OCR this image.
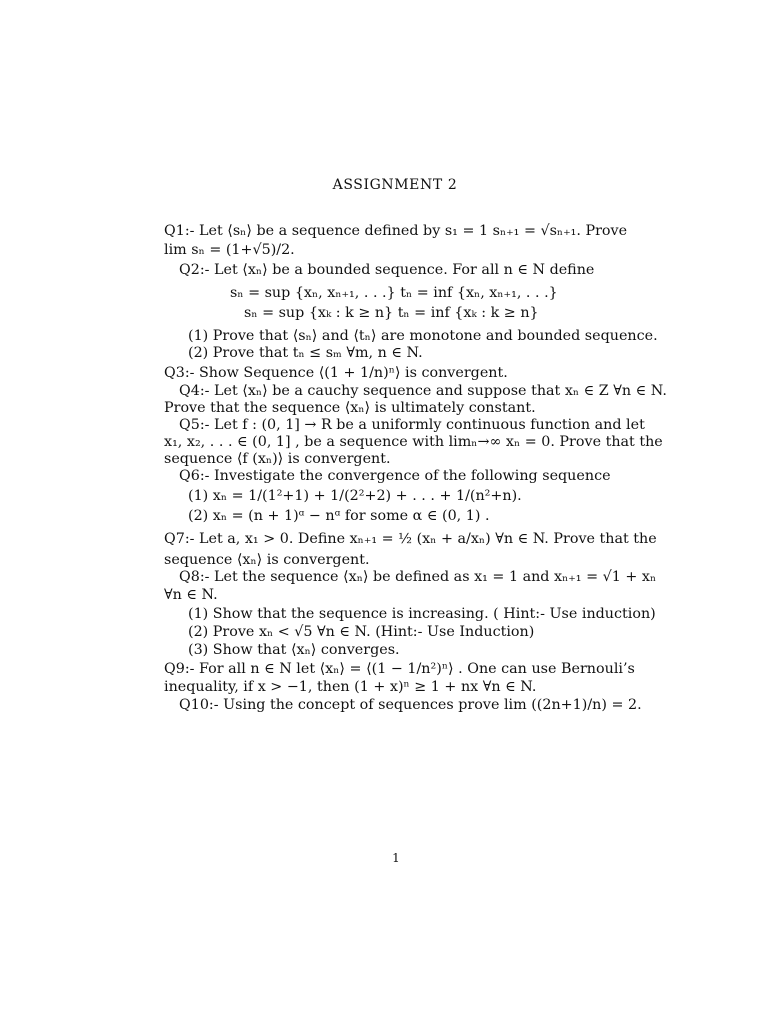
ASSIGNMENT 2
Q1:- Let ⟨sₙ⟩ be a sequence defined by s₁ = 1 sₙ₊₁ = √sₙ₊₁. Prove
lim sₙ = (1+√5)/2.
Q2:- Let ⟨xₙ⟩ be a bounded sequence. For all n ∈ N define
sₙ = sup {xₙ, xₙ₊₁, . . .} tₙ = inf {xₙ, xₙ₊₁, . . .}
sₙ = sup {xₖ : k ≥ n} tₙ = inf {xₖ : k ≥ n}
(1) Prove that ⟨sₙ⟩ and ⟨tₙ⟩ are monotone and bounded sequence.
(2) Prove that tₙ ≤ sₘ ∀m, n ∈ N.
Q3:- Show Sequence ⟨(1 + 1/n)ⁿ⟩ is convergent.
Q4:- Let ⟨xₙ⟩ be a cauchy sequence and suppose that xₙ ∈ Z ∀n ∈ N.
Prove that the sequence ⟨xₙ⟩ is ultimately constant.
Q5:- Let f : (0, 1] → R be a uniformly continuous function and let
x₁, x₂, . . . ∈ (0, 1] , be a sequence with limₙ→∞ xₙ = 0. Prove that the
sequence ⟨f (xₙ)⟩ is convergent.
Q6:- Investigate the convergence of the following sequence
(1) xₙ = 1/(1²+1) + 1/(2²+2) + . . . + 1/(n²+n).
(2) xₙ = (n + 1)ᵅ − nᵅ for some α ∈ (0, 1) .
Q7:- Let a, x₁ > 0. Define xₙ₊₁ = ½ (xₙ + a/xₙ) ∀n ∈ N. Prove that the
sequence ⟨xₙ⟩ is convergent.
Q8:- Let the sequence ⟨xₙ⟩ be defined as x₁ = 1 and xₙ₊₁ = √1 + xₙ
∀n ∈ N.
(1) Show that the sequence is increasing. ( Hint:- Use induction)
(2) Prove xₙ < √5 ∀n ∈ N. (Hint:- Use Induction)
(3) Show that ⟨xₙ⟩ converges.
Q9:- For all n ∈ N let ⟨xₙ⟩ = ⟨(1 − 1/n²)ⁿ⟩ . One can use Bernouli’s
inequality, if x > −1, then (1 + x)ⁿ ≥ 1 + nx ∀n ∈ N.
Q10:- Using the concept of sequences prove lim ((2n+1)/n) = 2.
1
